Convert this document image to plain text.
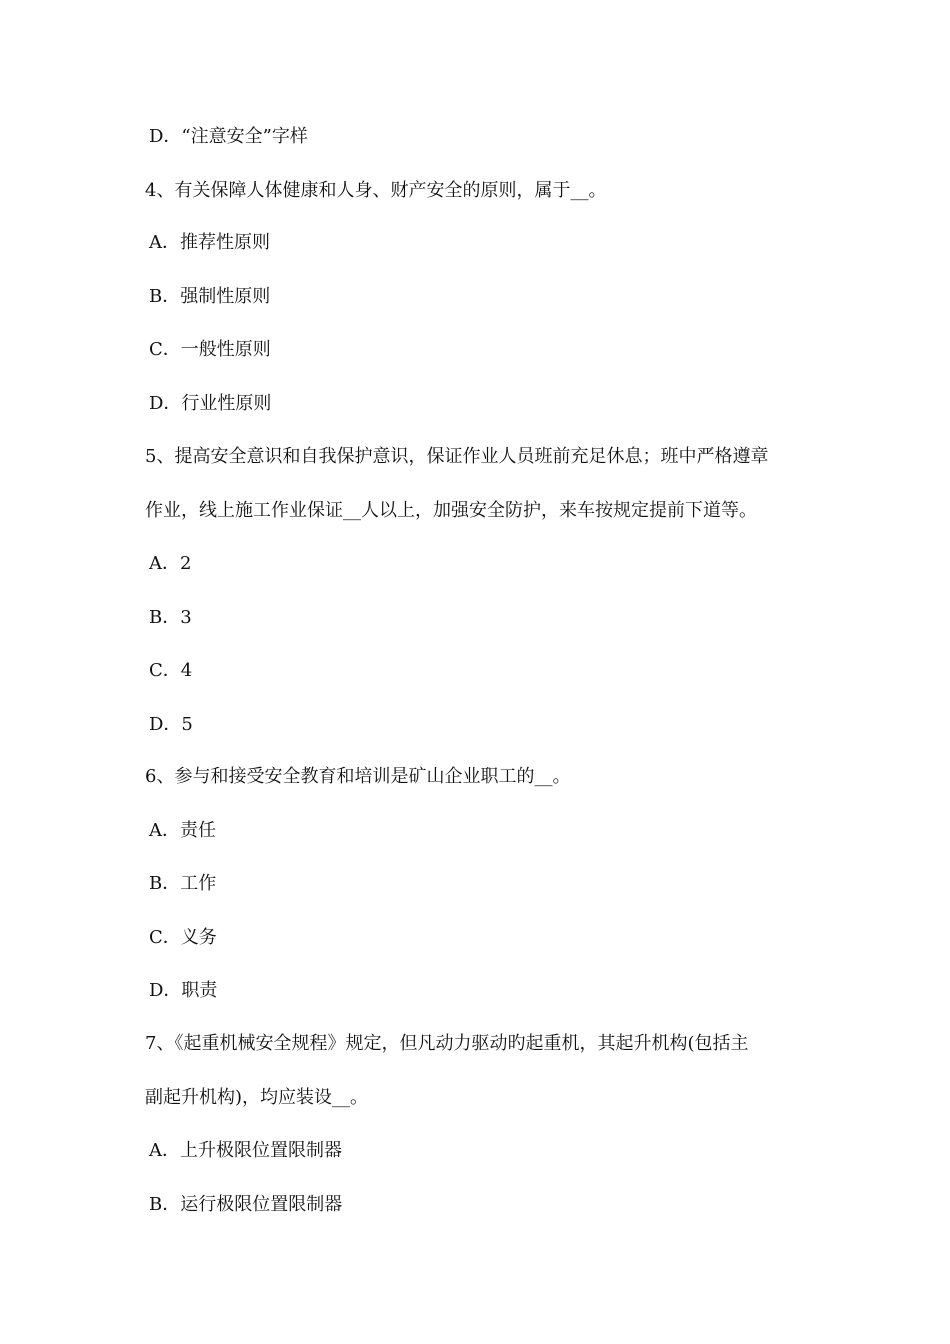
D．“注意安全”字样

4、有关保障人体健康和人身、财产安全的原则，属于__。

A．推荐性原则

B．强制性原则

C．一般性原则

D．行业性原则

5、提高安全意识和自我保护意识，保证作业人员班前充足休息；班中严格遵章

作业，线上施工作业保证__人以上，加强安全防护，来车按规定提前下道等。

A．2

B．3

C．4

D．5

6、参与和接受安全教育和培训是矿山企业职工的__。

A．责任

B．工作

C．义务

D．职责

7、《起重机械安全规程》规定，但凡动力驱动旳起重机，其起升机构(包括主

副起升机构)，均应装设__。

A．上升极限位置限制器

B．运行极限位置限制器
